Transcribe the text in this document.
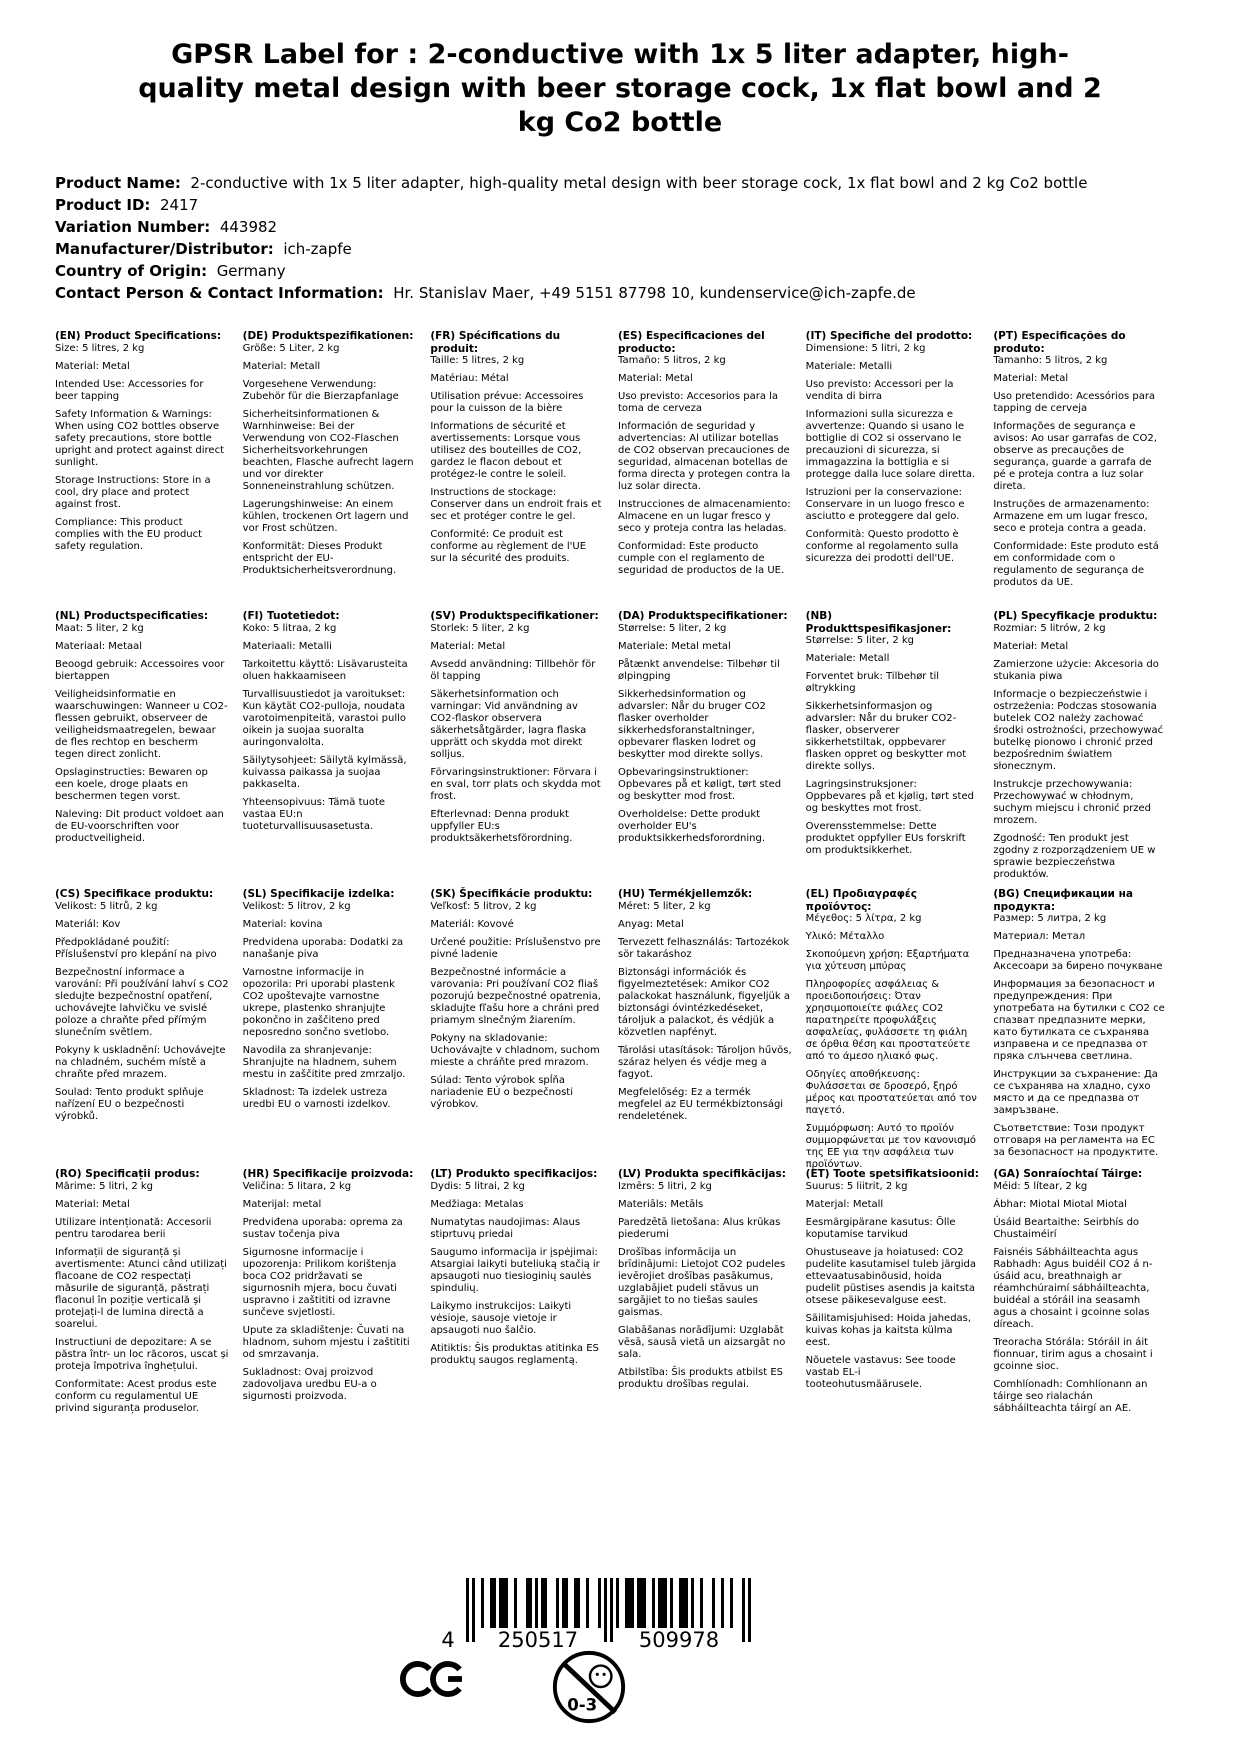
GPSR Label for : 2-conductive with 1x 5 liter adapter, high-quality metal design with beer storage cock, 1x flat bowl and 2 kg Co2 bottle
Product Name: 2-conductive with 1x 5 liter adapter, high-quality metal design with beer storage cock, 1x flat bowl and 2 kg Co2 bottle
Product ID: 2417
Variation Number: 443982
Manufacturer/Distributor: ich-zapfe
Country of Origin: Germany
Contact Person & Contact Information: Hr. Stanislav Maer, +49 5151 87798 10, kundenservice@ich-zapfe.de
(EN) Product Specifications:
Size: 5 litres, 2 kg
Material: Metal
Intended Use: Accessories for beer tapping
Safety Information & Warnings: When using CO2 bottles observe safety precautions, store bottle upright and protect against direct sunlight.
Storage Instructions: Store in a cool, dry place and protect against frost.
Compliance: This product complies with the EU product safety regulation.
(DE) Produktspezifikationen:
Größe: 5 Liter, 2 kg
Material: Metall
Vorgesehene Verwendung: Zubehör für die Bierzapfanlage
Sicherheitsinformationen & Warnhinweise: Bei der Verwendung von CO2-Flaschen Sicherheitsvorkehrungen beachten, Flasche aufrecht lagern und vor direkter Sonneneinstrahlung schützen.
Lagerungshinweise: An einem kühlen, trockenen Ort lagern und vor Frost schützen.
Konformität: Dieses Produkt entspricht der EU-Produktsicherheitsverordnung.
(FR) Spécifications du produit:
Taille: 5 litres, 2 kg
Matériau: Métal
Utilisation prévue: Accessoires pour la cuisson de la bière
Informations de sécurité et avertissements: Lorsque vous utilisez des bouteilles de CO2, gardez le flacon debout et protégez-le contre le soleil.
Instructions de stockage: Conserver dans un endroit frais et sec et protéger contre le gel.
Conformité: Ce produit est conforme au règlement de l'UE sur la sécurité des produits.
(ES) Especificaciones del producto:
Tamaño: 5 litros, 2 kg
Material: Metal
Uso previsto: Accesorios para la toma de cerveza
Información de seguridad y advertencias: Al utilizar botellas de CO2 observan precauciones de seguridad, almacenan botellas de forma directa y protegen contra la luz solar directa.
Instrucciones de almacenamiento: Almacene en un lugar fresco y seco y proteja contra las heladas.
Conformidad: Este producto cumple con el reglamento de seguridad de productos de la UE.
(IT) Specifiche del prodotto:
Dimensione: 5 litri, 2 kg
Materiale: Metalli
Uso previsto: Accessori per la vendita di birra
Informazioni sulla sicurezza e avvertenze: Quando si usano le bottiglie di CO2 si osservano le precauzioni di sicurezza, si immagazzina la bottiglia e si protegge dalla luce solare diretta.
Istruzioni per la conservazione: Conservare in un luogo fresco e asciutto e proteggere dal gelo.
Conformità: Questo prodotto è conforme al regolamento sulla sicurezza dei prodotti dell'UE.
(PT) Especificações do produto:
Tamanho: 5 litros, 2 kg
Material: Metal
Uso pretendido: Acessórios para tapping de cerveja
Informações de segurança e avisos: Ao usar garrafas de CO2, observe as precauções de segurança, guarde a garrafa de pé e proteja contra a luz solar direta.
Instruções de armazenamento: Armazene em um lugar fresco, seco e proteja contra a geada.
Conformidade: Este produto está em conformidade com o regulamento de segurança de produtos da UE.
(NL) Productspecificaties:
Maat: 5 liter, 2 kg
Materiaal: Metaal
Beoogd gebruik: Accessoires voor biertappen
Veiligheidsinformatie en waarschuwingen: Wanneer u CO2-flessen gebruikt, observeer de veiligheidsmaatregelen, bewaar de fles rechtop en bescherm tegen direct zonlicht.
Opslaginstructies: Bewaren op een koele, droge plaats en beschermen tegen vorst.
Naleving: Dit product voldoet aan de EU-voorschriften voor productveiligheid.
(FI) Tuotetiedot:
Koko: 5 litraa, 2 kg
Materiaali: Metalli
Tarkoitettu käyttö: Lisävarusteita oluen hakkaamiseen
Turvallisuustiedot ja varoitukset: Kun käytät CO2-pulloja, noudata varotoimenpiteitä, varastoi pullo oikein ja suojaa suoralta auringonvalolta.
Säilytysohjeet: Säilytä kylmässä, kuivassa paikassa ja suojaa pakkaselta.
Yhteensopivuus: Tämä tuote vastaa EU:n tuoteturvallisuusasetusta.
(SV) Produktspecifikationer:
Storlek: 5 liter, 2 kg
Material: Metal
Avsedd användning: Tillbehör för öl tapping
Säkerhetsinformation och varningar: Vid användning av CO2-flaskor observera säkerhetsåtgärder, lagra flaska upprätt och skydda mot direkt solljus.
Förvaringsinstruktioner: Förvara i en sval, torr plats och skydda mot frost.
Efterlevnad: Denna produkt uppfyller EU:s produktsäkerhetsförordning.
(DA) Produktspecifikationer:
Størrelse: 5 liter, 2 kg
Materiale: Metal metal
Påtænkt anvendelse: Tilbehør til ølpingping
Sikkerhedsinformation og advarsler: Når du bruger CO2 flasker overholder sikkerhedsforanstaltninger, opbevarer flasken lodret og beskytter mod direkte sollys.
Opbevaringsinstruktioner: Opbevares på et køligt, tørt sted og beskytter mod frost.
Overholdelse: Dette produkt overholder EU's produktsikkerhedsforordning.
(NB) Produkttspesifikasjoner:
Størrelse: 5 liter, 2 kg
Materiale: Metall
Forventet bruk: Tilbehør til øltrykking
Sikkerhetsinformasjon og advarsler: Når du bruker CO2-flasker, observerer sikkerhetstiltak, oppbevarer flasken oppret og beskytter mot direkte sollys.
Lagringsinstruksjoner: Oppbevares på et kjølig, tørt sted og beskyttes mot frost.
Overensstemmelse: Dette produktet oppfyller EUs forskrift om produktsikkerhet.
(PL) Specyfikacje produktu:
Rozmiar: 5 litrów, 2 kg
Materiał: Metal
Zamierzone użycie: Akcesoria do stukania piwa
Informacje o bezpieczeństwie i ostrzeżenia: Podczas stosowania butelek CO2 należy zachować środki ostrożności, przechowywać butelkę pionowo i chronić przed bezpośrednim światłem słonecznym.
Instrukcje przechowywania: Przechowywać w chłodnym, suchym miejscu i chronić przed mrozem.
Zgodność: Ten produkt jest zgodny z rozporządzeniem UE w sprawie bezpieczeństwa produktów.
(CS) Specifikace produktu:
Velikost: 5 litrů, 2 kg
Materiál: Kov
Předpokládané použití: Příslušenství pro klepání na pivo
Bezpečnostní informace a varování: Při používání lahví s CO2 sledujte bezpečnostní opatření, uchovávejte lahvičku ve svislé poloze a chraňte před přímým slunečním světlem.
Pokyny k uskladnění: Uchovávejte na chladném, suchém místě a chraňte před mrazem.
Soulad: Tento produkt splňuje nařízení EU o bezpečnosti výrobků.
(SL) Specifikacije izdelka:
Velikost: 5 litrov, 2 kg
Material: kovina
Predvidena uporaba: Dodatki za nanašanje piva
Varnostne informacije in opozorila: Pri uporabi plastenk CO2 upoštevajte varnostne ukrepe, plastenko shranjujte pokončno in zaščiteno pred neposredno sončno svetlobo.
Navodila za shranjevanje: Shranjujte na hladnem, suhem mestu in zaščitite pred zmrzaljo.
Skladnost: Ta izdelek ustreza uredbi EU o varnosti izdelkov.
(SK) Špecifikácie produktu:
Veľkosť: 5 litrov, 2 kg
Materiál: Kovové
Určené použitie: Príslušenstvo pre pivné ladenie
Bezpečnostné informácie a varovania: Pri používaní CO2 fliaš pozorujú bezpečnostné opatrenia, skladujte fľašu hore a chráni pred priamym slnečným žiarením.
Pokyny na skladovanie: Uchovávajte v chladnom, suchom mieste a chráňte pred mrazom.
Súlad: Tento výrobok spĺňa nariadenie EÚ o bezpečnosti výrobkov.
(HU) Termékjellemzők:
Méret: 5 liter, 2 kg
Anyag: Metal
Tervezett felhasználás: Tartozékok sör takaráshoz
Biztonsági információk és figyelmeztetések: Amikor CO2 palackokat használunk, figyeljük a biztonsági óvintézkedéseket, tároljuk a palackot, és védjük a közvetlen napfényt.
Tárolási utasítások: Tároljon hűvös, száraz helyen és védje meg a fagyot.
Megfelelőség: Ez a termék megfelel az EU termékbiztonsági rendeletének.
(EL) Προδιαγραφές προϊόντος:
Μέγεθος: 5 λίτρα, 2 kg
Υλικό: Μέταλλο
Σκοπούμενη χρήση: Εξαρτήματα για χύτευση μπύρας
Πληροφορίες ασφάλειας & προειδοποιήσεις: Όταν χρησιμοποιείτε φιάλες CO2 παρατηρείτε προφυλάξεις ασφαλείας, φυλάσσετε τη φιάλη σε όρθια θέση και προστατεύετε από το άμεσο ηλιακό φως.
Οδηγίες αποθήκευσης: Φυλάσσεται σε δροσερό, ξηρό μέρος και προστατεύεται από τον παγετό.
Συμμόρφωση: Αυτό το προϊόν συμμορφώνεται με τον κανονισμό της ΕΕ για την ασφάλεια των προϊόντων.
(BG) Спецификации на продукта:
Размер: 5 литра, 2 kg
Материал: Метал
Предназначена употреба: Аксесоари за бирено почукване
Информация за безопасност и предупреждения: При употребата на бутилки с CO2 се спазват предпазните мерки, като бутилката се съхранява изправена и се предпазва от пряка слънчева светлина.
Инструкции за съхранение: Да се съхранява на хладно, сухо място и да се предпазва от замръзване.
Съответствие: Този продукт отговаря на регламента на ЕС за безопасност на продуктите.
(RO) Specificații produs:
Mărime: 5 litri, 2 kg
Material: Metal
Utilizare intenționată: Accesorii pentru tarodarea berii
Informații de siguranță și avertismente: Atunci când utilizați flacoane de CO2 respectați măsurile de siguranță, păstrați flaconul în poziție verticală și protejați-l de lumina directă a soarelui.
Instructiuni de depozitare: A se păstra într- un loc răcoros, uscat și proteja împotriva înghețului.
Conformitate: Acest produs este conform cu regulamentul UE privind siguranța produselor.
(HR) Specifikacije proizvoda:
Veličina: 5 litara, 2 kg
Materijal: metal
Predviđena uporaba: oprema za sustav točenja piva
Sigurnosne informacije i upozorenja: Prilikom korištenja boca CO2 pridržavati se sigurnosnih mjera, bocu čuvati uspravno i zaštititi od izravne sunčeve svjetlosti.
Upute za skladištenje: Čuvati na hladnom, suhom mjestu i zaštititi od smrzavanja.
Sukladnost: Ovaj proizvod zadovoljava uredbu EU-a o sigurnosti proizvoda.
(LT) Produkto specifikacijos:
Dydis: 5 litrai, 2 kg
Medžiaga: Metalas
Numatytas naudojimas: Alaus stiprtuvų priedai
Saugumo informacija ir įspėjimai: Atsargiai laikyti buteliuką stačią ir apsaugoti nuo tiesioginių saulės spindulių.
Laikymo instrukcijos: Laikyti vėsioje, sausoje vietoje ir apsaugoti nuo šalčio.
Atitiktis: Šis produktas atitinka ES produktų saugos reglamentą.
(LV) Produkta specifikācijas:
Izmērs: 5 litri, 2 kg
Materiāls: Metāls
Paredzētā lietošana: Alus krūkas piederumi
Drošības informācija un brīdinājumi: Lietojot CO2 pudeles ievērojiet drošības pasākumus, uzglabājiet pudeli stāvus un sargājiet to no tiešas saules gaismas.
Glabāšanas norādījumi: Uzglabāt vēsā, sausā vietā un aizsargāt no sala.
Atbilstība: Šis produkts atbilst ES produktu drošības regulai.
(ET) Toote spetsifikatsioonid:
Suurus: 5 liitrit, 2 kg
Materjal: Metall
Eesmärgipärane kasutus: Õlle koputamise tarvikud
Ohustuseave ja hoiatused: CO2 pudelite kasutamisel tuleb järgida ettevaatusabinõusid, hoida pudelit püstises asendis ja kaitsta otsese päikesevalguse eest.
Säilitamisjuhised: Hoida jahedas, kuivas kohas ja kaitsta külma eest.
Nõuetele vastavus: See toode vastab EL-i tooteohutusmäärusele.
(GA) Sonraíochtaí Táirge:
Méid: 5 lítear, 2 kg
Ábhar: Miotal Miotal Miotal
Úsáid Beartaithe: Seirbhís do Chustaiméirí
Faisnéis Sábháilteachta agus Rabhadh: Agus buidéil CO2 á n-úsáid acu, breathnaigh ar réamhchúraimí sábháilteachta, buidéal a stóráil ina seasamh agus a chosaint i gcoinne solas díreach.
Treoracha Stórála: Stóráil in áit fionnuar, tirim agus a chosaint i gcoinne sioc.
Comhlíonadh: Comhlíonann an táirge seo rialachán sábháilteachta táirgí an AE.
4 250517	509978
0-3
